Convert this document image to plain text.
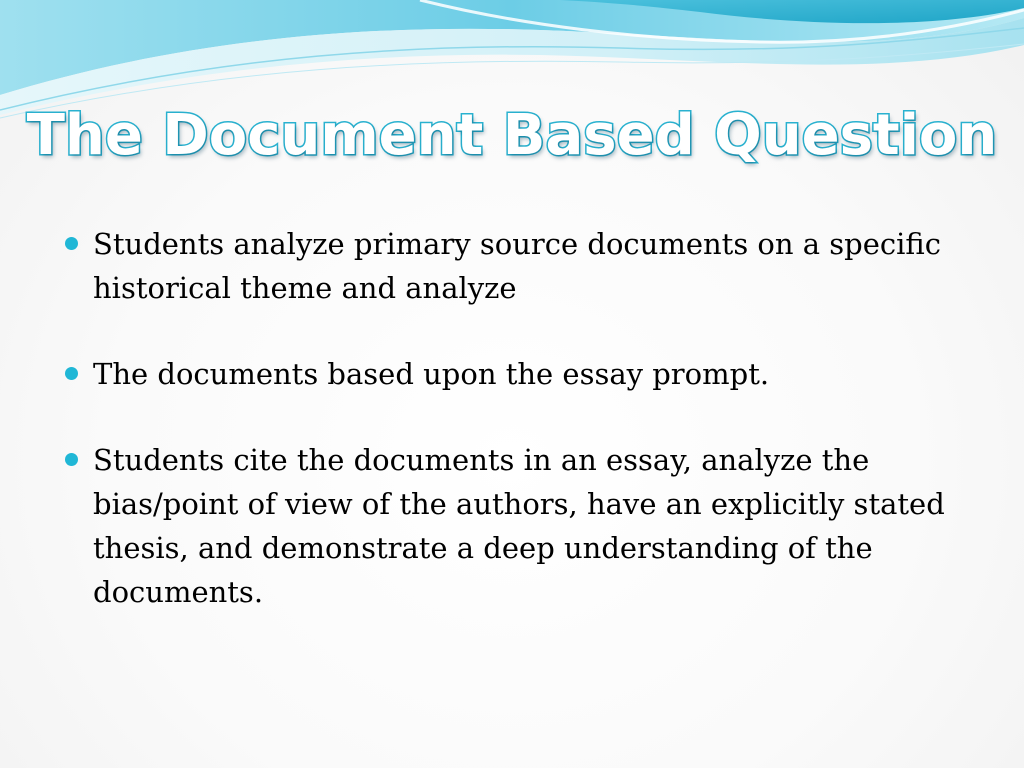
The Document Based Question
Students analyze primary source documents on a specific historical theme and analyze
The documents based upon the essay prompt.
Students cite the documents in an essay, analyze the bias/point of view of the authors, have an explicitly stated thesis, and demonstrate a deep understanding of the documents.
